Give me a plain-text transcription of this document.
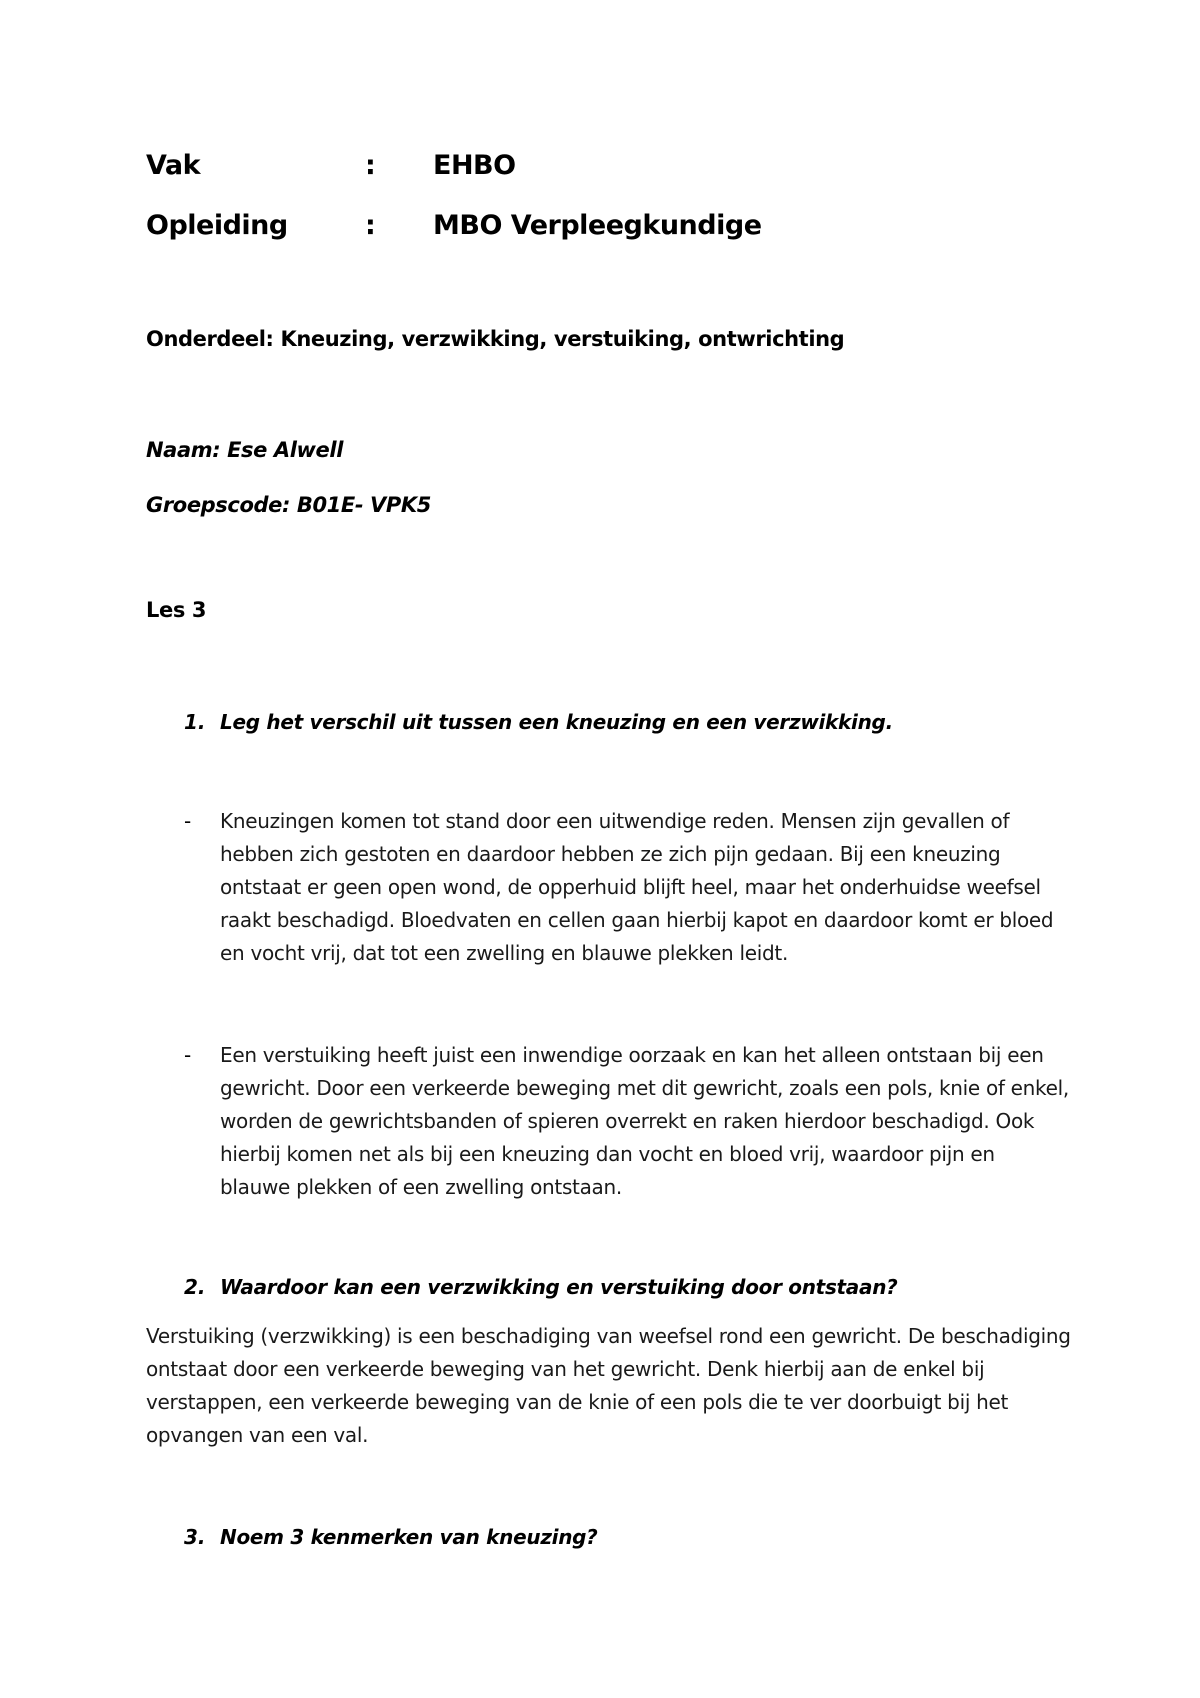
Vak	: EHBO
Opleiding	: MBO Verpleegkundige
Onderdeel: Kneuzing, verzwikking, verstuiking, ontwrichting
Naam: Ese Alwell
Groepscode: B01E- VPK5
Les 3
1. Leg het verschil uit tussen een kneuzing en een verzwikking.
- Kneuzingen komen tot stand door een uitwendige reden. Mensen zijn gevallen of hebben zich gestoten en daardoor hebben ze zich pijn gedaan. Bij een kneuzing ontstaat er geen open wond, de opperhuid blijft heel, maar het onderhuidse weefsel raakt beschadigd. Bloedvaten en cellen gaan hierbij kapot en daardoor komt er bloed en vocht vrij, dat tot een zwelling en blauwe plekken leidt.
- Een verstuiking heeft juist een inwendige oorzaak en kan het alleen ontstaan bij een gewricht. Door een verkeerde beweging met dit gewricht, zoals een pols, knie of enkel, worden de gewrichtsbanden of spieren overrekt en raken hierdoor beschadigd. Ook hierbij komen net als bij een kneuzing dan vocht en bloed vrij, waardoor pijn en blauwe plekken of een zwelling ontstaan.
2. Waardoor kan een verzwikking en verstuiking door ontstaan?
Verstuiking (verzwikking) is een beschadiging van weefsel rond een gewricht. De beschadiging ontstaat door een verkeerde beweging van het gewricht. Denk hierbij aan de enkel bij verstappen, een verkeerde beweging van de knie of een pols die te ver doorbuigt bij het opvangen van een val.
3. Noem 3 kenmerken van kneuzing?
